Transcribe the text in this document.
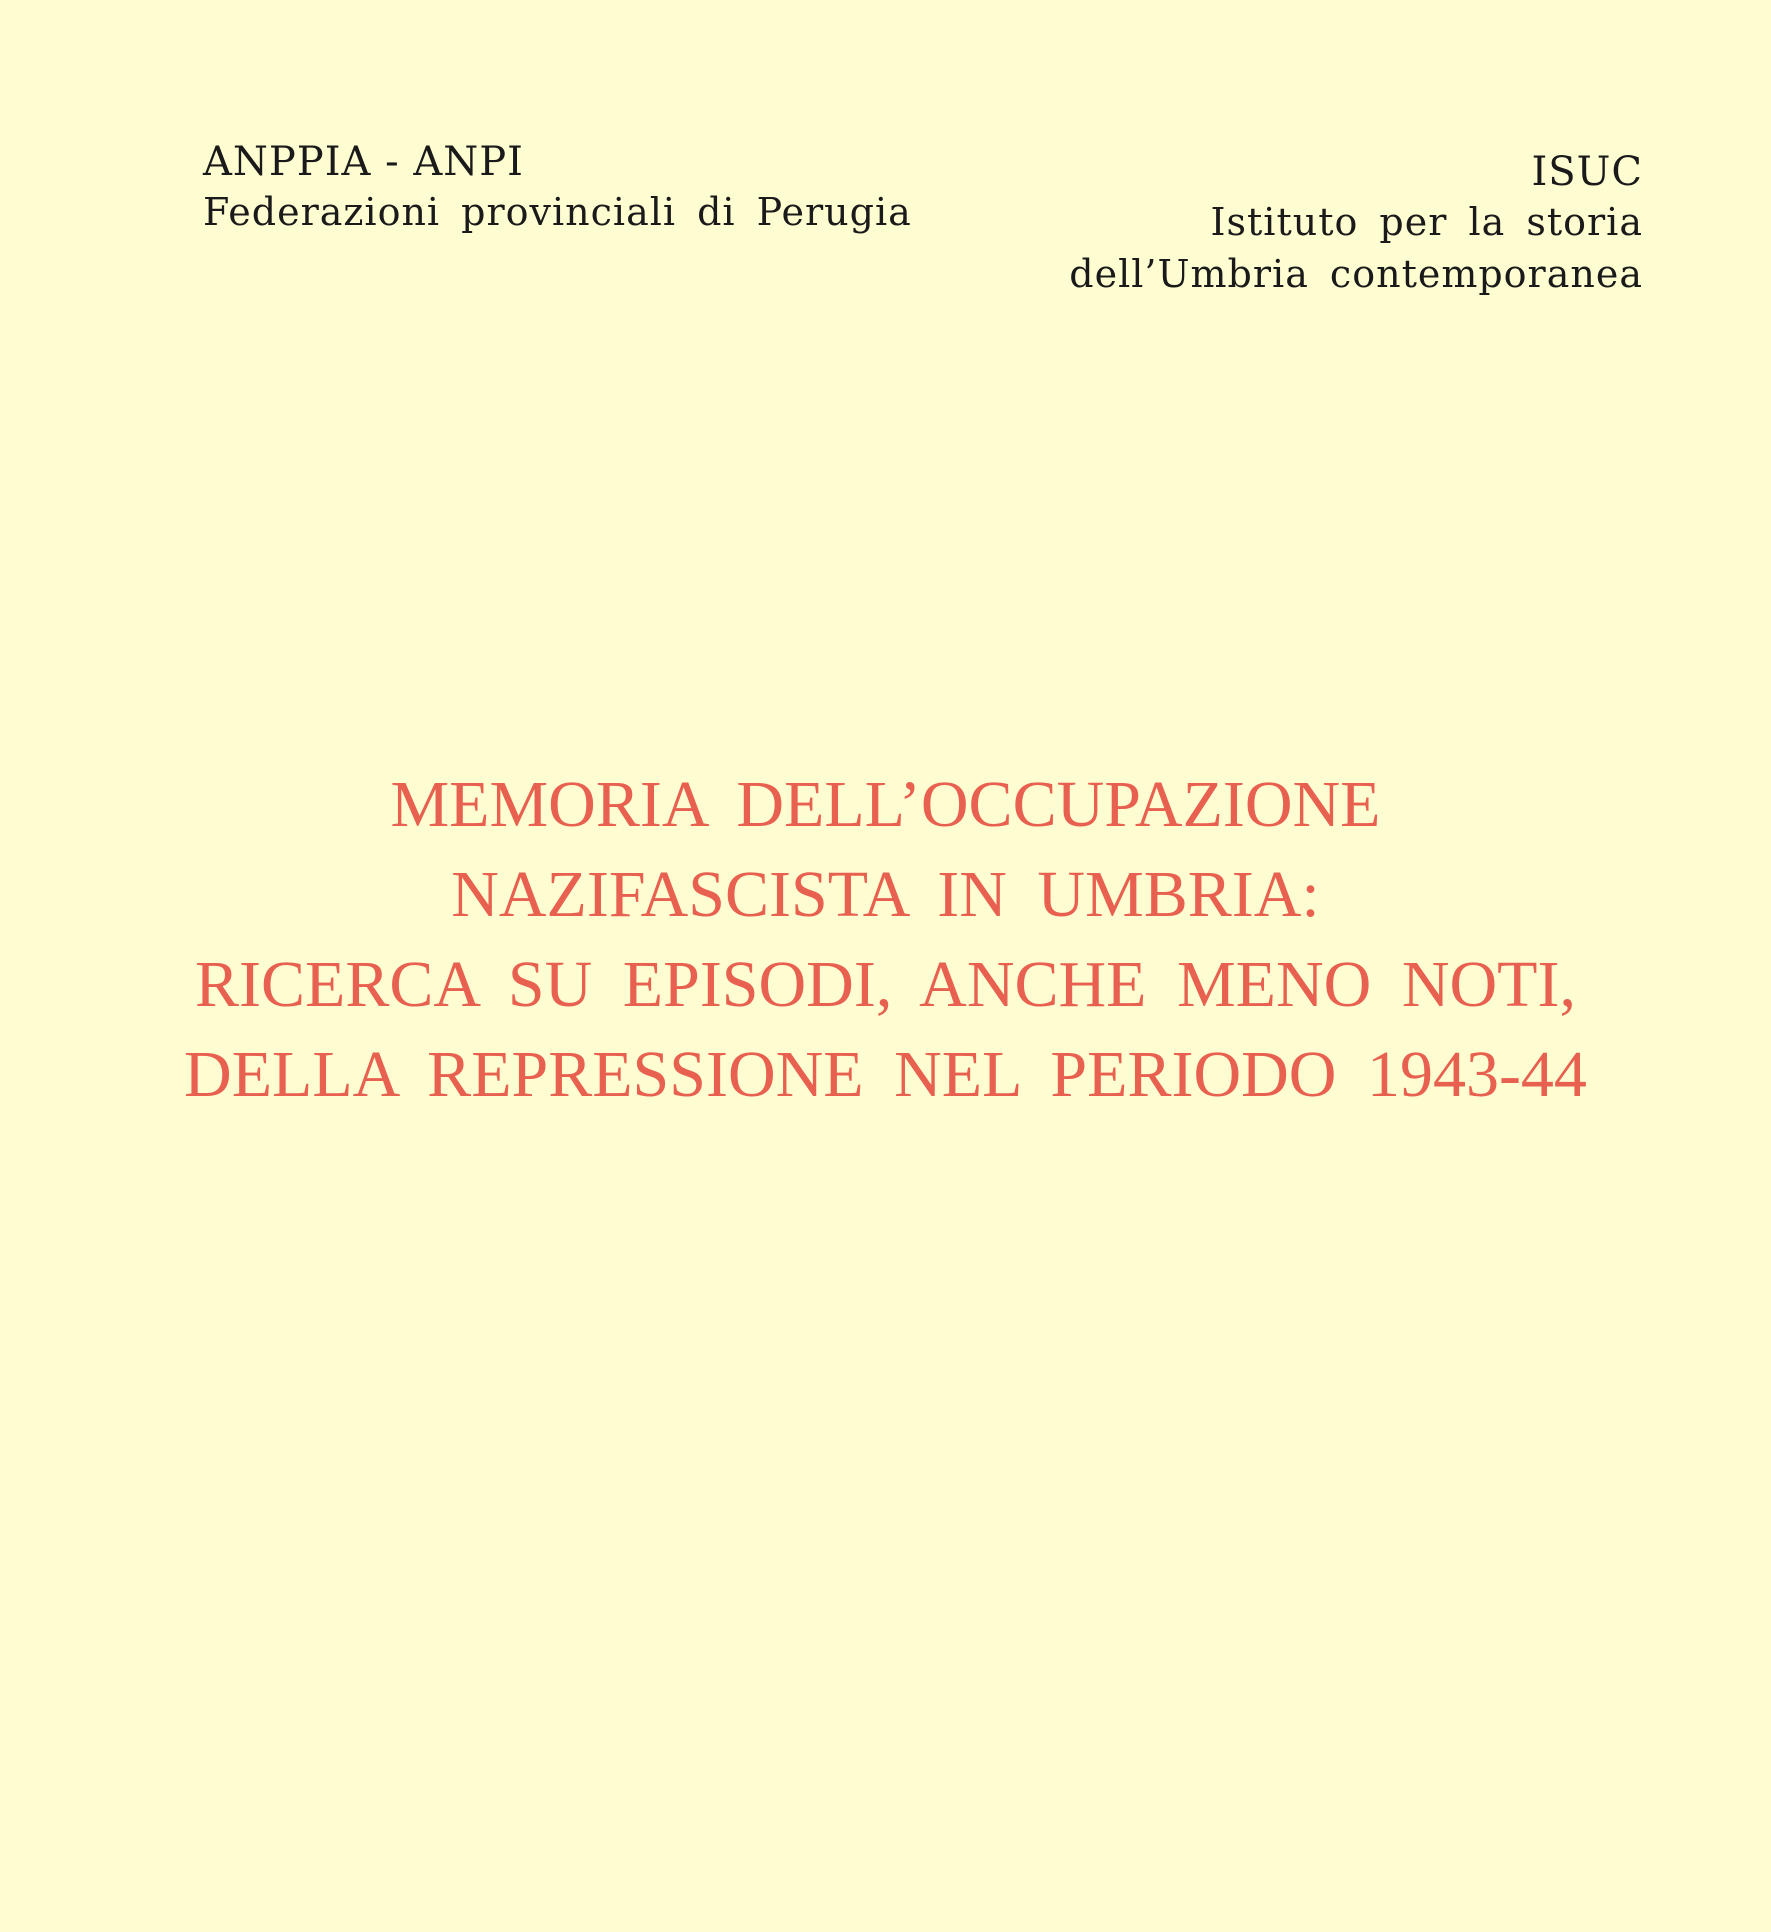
ANPPIA - ANPI
Federazioni provinciali di Perugia
ISUC
Istituto per la storia
dell’Umbria contemporanea
MEMORIA DELL’OCCUPAZIONE
NAZIFASCISTA IN UMBRIA:
RICERCA SU EPISODI, ANCHE MENO NOTI,
DELLA REPRESSIONE NEL PERIODO 1943-44
